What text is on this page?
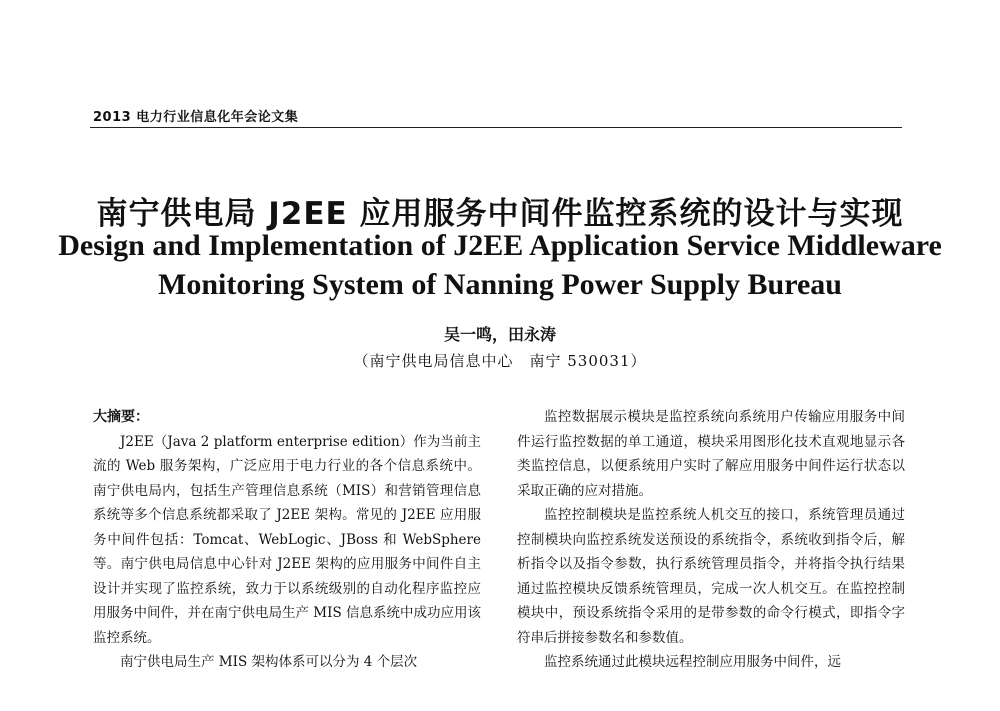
2013 电力行业信息化年会论文集
南宁供电局 J2EE 应用服务中间件监控系统的设计与实现
Design and Implementation of J2EE Application Service Middleware
Monitoring System of Nanning Power Supply Bureau
吴一鸣，田永涛
（南宁供电局信息中心　南宁 530031）
大摘要：

J2EE（Java 2 platform enterprise edition）作为当前主流的 Web 服务架构，广泛应用于电力行业的各个信息系统中。南宁供电局内，包括生产管理信息系统（MIS）和营销管理信息系统等多个信息系统都采取了 J2EE 架构。常见的 J2EE 应用服务中间件包括：Tomcat、WebLogic、JBoss 和 WebSphere 等。南宁供电局信息中心针对 J2EE 架构的应用服务中间件自主设计并实现了监控系统，致力于以系统级别的自动化程序监控应用服务中间件，并在南宁供电局生产 MIS 信息系统中成功应用该监控系统。

南宁供电局生产 MIS 架构体系可以分为 4 个层次

监控数据展示模块是监控系统向系统用户传输应用服务中间件运行监控数据的单工通道，模块采用图形化技术直观地显示各类监控信息，以便系统用户实时了解应用服务中间件运行状态以采取正确的应对措施。

监控控制模块是监控系统人机交互的接口，系统管理员通过控制模块向监控系统发送预设的系统指令，系统收到指令后，解析指令以及指令参数，执行系统管理员指令，并将指令执行结果通过监控模块反馈系统管理员，完成一次人机交互。在监控控制模块中，预设系统指令采用的是带参数的命令行模式，即指令字符串后拼接参数名和参数值。

监控系统通过此模块远程控制应用服务中间件，远
